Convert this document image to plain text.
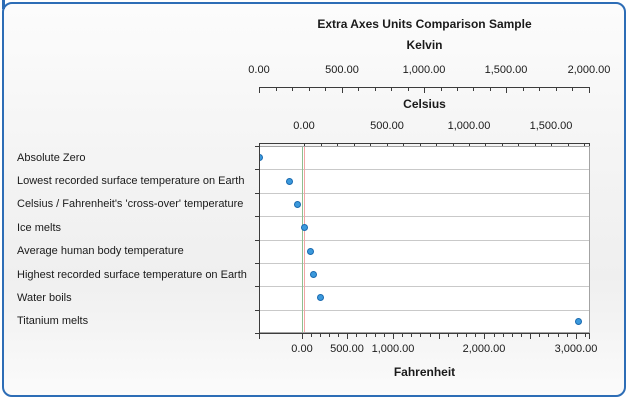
Extra Axes Units Comparison Sample
Kelvin
Celsius
Fahrenheit
0.00	500.00	1,000.00	1,500.00	2,000.00
0.00	500.00	1,000.00	1,500.00
0.00	500.00 1,000.00	2,000.00	3,000.00
Absolute Zero
Lowest recorded surface temperature on Earth
Celsius / Fahrenheit's 'cross-over' temperature
Ice melts
Average human body temperature
Highest recorded surface temperature on Earth
Water boils
Titanium melts
